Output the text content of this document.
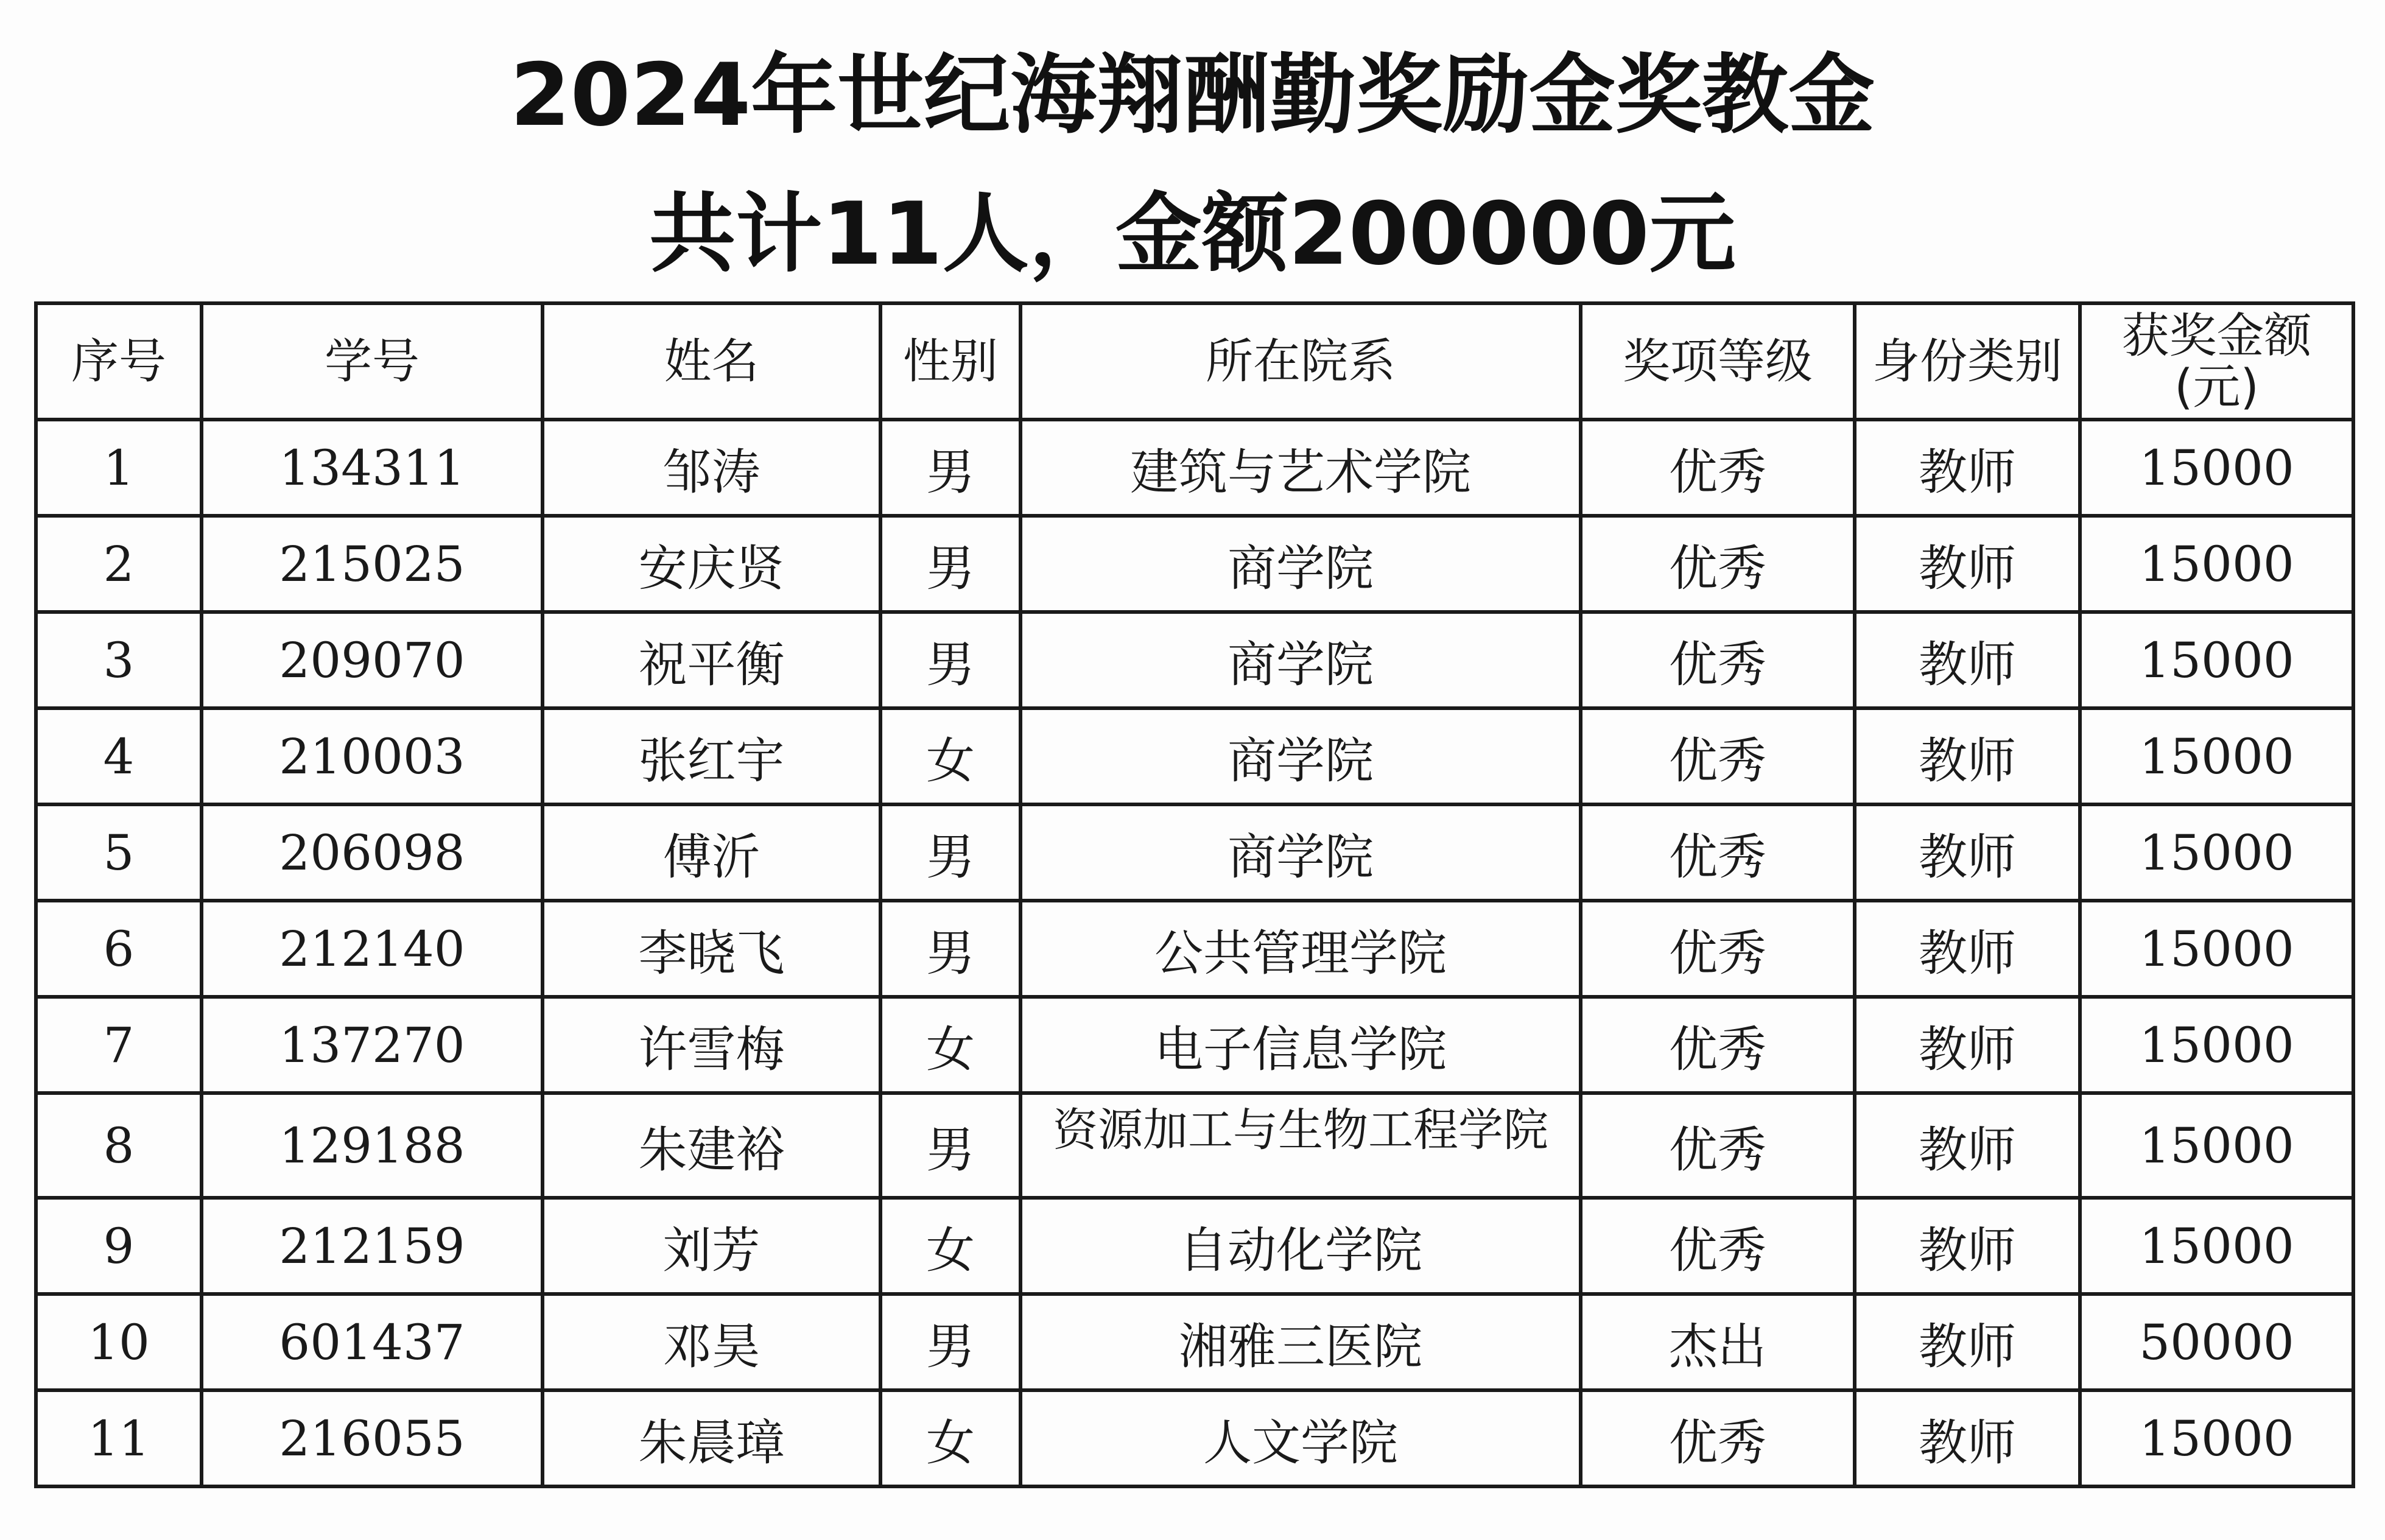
2024年世纪海翔酬勤奖励金奖教金
共计11人，金额200000元
序号	学号	姓名	性别	所在院系	奖项等级	身份类别	获奖金额(元)
1	134311	邹涛	男	建筑与艺术学院	优秀	教师	15000
2	215025	安庆贤	男	商学院	优秀	教师	15000
3	209070	祝平衡	男	商学院	优秀	教师	15000
4	210003	张红宇	女	商学院	优秀	教师	15000
5	206098	傅沂	男	商学院	优秀	教师	15000
6	212140	李晓飞	男	公共管理学院	优秀	教师	15000
7	137270	许雪梅	女	电子信息学院	优秀	教师	15000
8	129188	朱建裕	男	资源加工与生物工程学院	优秀	教师	15000
9	212159	刘芳	女	自动化学院	优秀	教师	15000
10	601437	邓昊	男	湘雅三医院	杰出	教师	50000
11	216055	朱晨璋	女	人文学院	优秀	教师	15000
